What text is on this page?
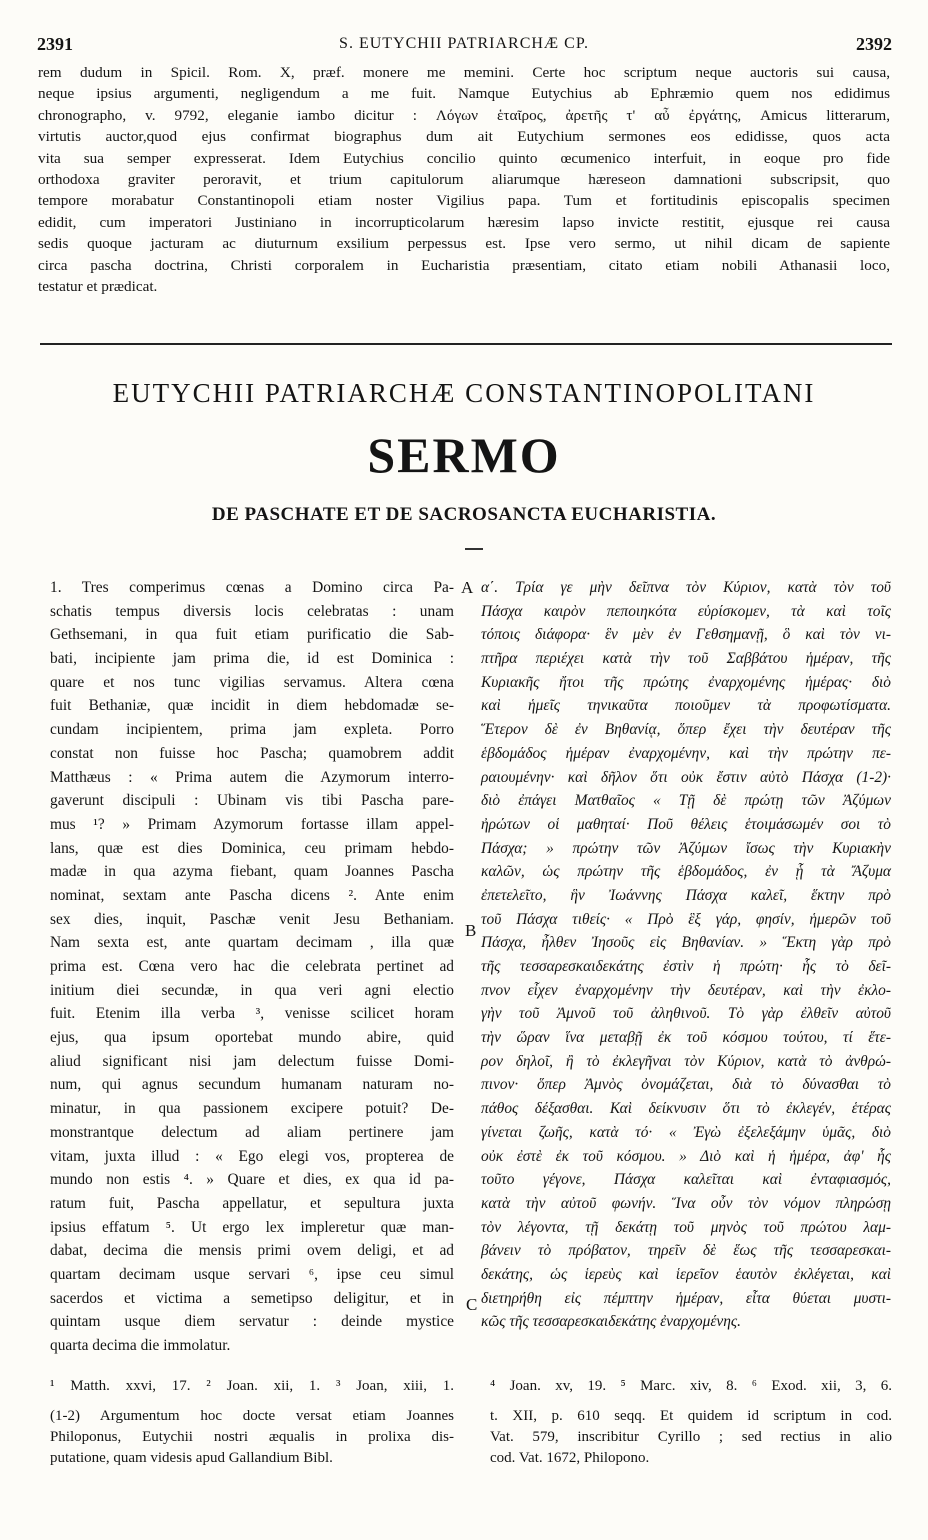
2391	S. EUTYCHII PATRIARCHÆ CP.	2392
rem dudum in Spicil. Rom. X, præf. monere me memini. Certe hoc scriptum neque auctoris sui causa,
neque ipsius argumenti, negligendum a me fuit. Namque Eutychius ab Ephræmio quem nos edidimus
chronographo, v. 9792, eleganie iambo dicitur : Λόγων ἑταῖρος, ἀρετῆς τ' αὖ ἐργάτης, Amicus litterarum,
virtutis auctor,quod ejus confirmat biographus dum ait Eutychium sermones eos edidisse, quos acta
vita sua semper expresserat. Idem Eutychius concilio quinto œcumenico interfuit, in eoque pro fide
orthodoxa graviter peroravit, et trium capitulorum aliarumque hæreseon damnationi subscripsit, quo
tempore morabatur Constantinopoli etiam noster Vigilius papa. Tum et fortitudinis episcopalis specimen
edidit, cum imperatori Justiniano in incorrupticolarum hæresim lapso invicte restitit, ejusque rei causa
sedis quoque jacturam ac diuturnum exsilium perpessus est. Ipse vero sermo, ut nihil dicam de sapiente
circa pascha doctrina, Christi corporalem in Eucharistia præsentiam, citato etiam nobili Athanasii loco,
testatur et prædicat.
EUTYCHII PATRIARCHÆ CONSTANTINOPOLITANI
SERMO
DE PASCHATE ET DE SACROSANCTA EUCHARISTIA.
1. Tres comperimus cœnas a Domino circa Pa-
schatis tempus diversis locis celebratas : unam
Gethsemani, in qua fuit etiam purificatio die Sab-
bati, incipiente jam prima die, id est Dominica :
quare et nos tunc vigilias servamus. Altera cœna
fuit Bethaniæ, quæ incidit in diem hebdomadæ se-
cundam incipientem, prima jam expleta. Porro
constat non fuisse hoc Pascha; quamobrem addit
Matthæus : « Prima autem die Azymorum interro-
gaverunt discipuli : Ubinam vis tibi Pascha pare-
mus ¹? » Primam Azymorum fortasse illam appel-
lans, quæ est dies Dominica, ceu primam hebdo-
madæ in qua azyma fiebant, quam Joannes Pascha
nominat, sextam ante Pascha dicens ². Ante enim
sex dies, inquit, Paschæ venit Jesu Bethaniam.
Nam sexta est, ante quartam decimam , illa quæ
prima est. Cœna vero hac die celebrata pertinet ad
initium diei secundæ, in qua veri agni electio
fuit. Etenim illa verba ³, venisse scilicet horam
ejus, qua ipsum oportebat mundo abire, quid
aliud significant nisi jam delectum fuisse Domi-
num, qui agnus secundum humanam naturam no-
minatur, in qua passionem excipere potuit? De-
monstrantque delectum ad aliam pertinere jam
vitam, juxta illud : « Ego elegi vos, propterea de
mundo non estis ⁴. » Quare et dies, ex qua id pa-
ratum fuit, Pascha appellatur, et sepultura juxta
ipsius effatum ⁵. Ut ergo lex impleretur quæ man-
dabat, decima die mensis primi ovem deligi, et ad
quartam decimam usque servari ⁶, ipse ceu simul
sacerdos et victima a semetipso deligitur, et in
quintam usque diem servatur : deinde mystice
quarta decima die immolatur.
A
B
C
α΄. Τρία γε μὴν δεῖπνα τὸν Κύριον, κατὰ τὸν τοῦ
Πάσχα καιρὸν πεποιηκότα εὑρίσκομεν, τὰ καὶ τοῖς
τόποις διάφορα· ἓν μὲν ἐν Γεθσημανῇ, ὃ καὶ τὸν νι-
πτῆρα περιέχει κατὰ τὴν τοῦ Σαββάτου ἡμέραν, τῆς
Κυριακῆς ἤτοι τῆς πρώτης ἐναρχομένης ἡμέρας· διὸ
καὶ ἡμεῖς τηνικαῦτα ποιοῦμεν τὰ προφωτίσματα.
Ἕτερον δὲ ἐν Βηθανίᾳ, ὅπερ ἔχει τὴν δευτέραν τῆς
ἑβδομάδος ἡμέραν ἐναρχομένην, καὶ τὴν πρώτην πε-
ραιουμένην· καὶ δῆλον ὅτι οὐκ ἔστιν αὐτὸ Πάσχα (1-2)·
διὸ ἐπάγει Ματθαῖος « Τῇ δὲ πρώτῃ τῶν Ἀζύμων
ἠρώτων οἱ μαθηταί· Ποῦ θέλεις ἑτοιμάσωμέν σοι τὸ
Πάσχα; » πρώτην τῶν Ἀζύμων ἴσως τὴν Κυριακὴν
καλῶν, ὡς πρώτην τῆς ἑβδομάδος, ἐν ᾗ τὰ Ἄζυμα
ἐπετελεῖτο, ἣν Ἰωάννης Πάσχα καλεῖ, ἕκτην πρὸ
τοῦ Πάσχα τιθείς· « Πρὸ ἓξ γάρ, φησίν, ἡμερῶν τοῦ
Πάσχα, ἦλθεν Ἰησοῦς εἰς Βηθανίαν. » Ἕκτη γὰρ πρὸ
τῆς τεσσαρεσκαιδεκάτης ἐστὶν ἡ πρώτη· ἧς τὸ δεῖ-
πνον εἶχεν ἐναρχομένην τὴν δευτέραν, καὶ τὴν ἐκλο-
γὴν τοῦ Ἀμνοῦ τοῦ ἀληθινοῦ. Τὸ γὰρ ἐλθεῖν αὐτοῦ
τὴν ὥραν ἵνα μεταβῇ ἐκ τοῦ κόσμου τούτου, τί ἕτε-
ρον δηλοῖ, ἢ τὸ ἐκλεγῆναι τὸν Κύριον, κατὰ τὸ ἀνθρώ-
πινον· ὅπερ Ἀμνὸς ὀνομάζεται, διὰ τὸ δύνασθαι τὸ
πάθος δέξασθαι. Καὶ δείκνυσιν ὅτι τὸ ἐκλεγέν, ἑτέρας
γίνεται ζωῆς, κατὰ τό· « Ἐγὼ ἐξελεξάμην ὑμᾶς, διὸ
οὐκ ἐστὲ ἐκ τοῦ κόσμου. » Διὸ καὶ ἡ ἡμέρα, ἀφ' ἧς
τοῦτο γέγονε, Πάσχα καλεῖται καὶ ἐνταφιασμός,
κατὰ τὴν αὐτοῦ φωνήν. Ἵνα οὖν τὸν νόμον πληρώσῃ
τὸν λέγοντα, τῇ δεκάτῃ τοῦ μηνὸς τοῦ πρώτου λαμ-
βάνειν τὸ πρόβατον, τηρεῖν δὲ ἕως τῆς τεσσαρεσκαι-
δεκάτης, ὡς ἱερεὺς καὶ ἱερεῖον ἑαυτὸν ἐκλέγεται, καὶ
διετηρήθη εἰς πέμπτην ἡμέραν, εἶτα θύεται μυστι-
κῶς τῆς τεσσαρεσκαιδεκάτης ἐναρχομένης.
¹ Matth. xxvi, 17. ² Joan. xii, 1. ³ Joan, xiii, 1.
(1-2) Argumentum hoc docte versat etiam Joannes
Philoponus, Eutychii nostri æqualis in prolixa dis-
putatione, quam videsis apud Gallandium Bibl.
⁴ Joan. xv, 19. ⁵ Marc. xiv, 8. ⁶ Exod. xii, 3, 6.
t. XII, p. 610 seqq. Et quidem id scriptum in cod.
Vat. 579, inscribitur Cyrillo ; sed rectius in alio
cod. Vat. 1672, Philopono.
